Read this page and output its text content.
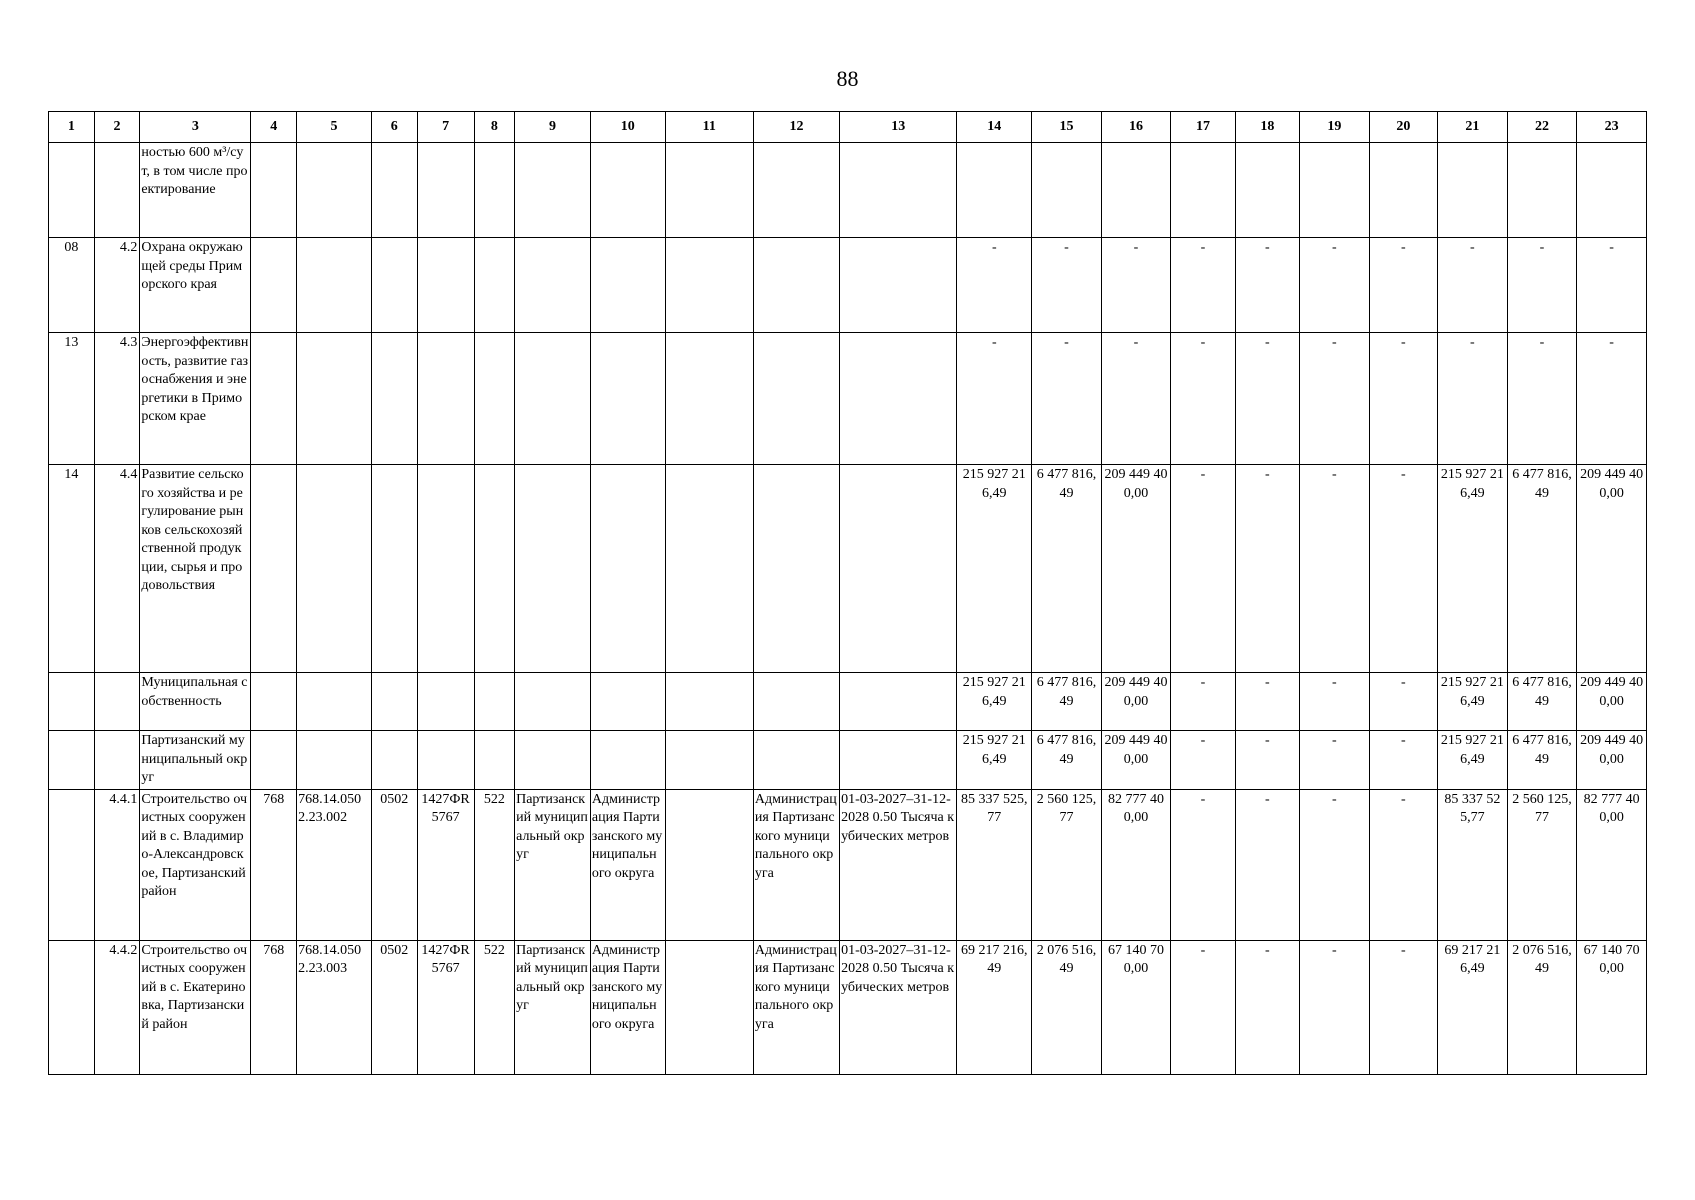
88
1	2	3	4	5	6	7	8	9	10	11	12	13	14	15	16	17	18	19	20	21	22	23
		ностью 600 м³/сут, в том числе проектирование																				
08	4.2	Охрана окружающей среды Приморского края											-	-	-	-	-	-	-	-	-	-
13	4.3	Энергоэффективность, развитие газоснабжения и энергетики в Приморском крае											-	-	-	-	-	-	-	-	-	-
14	4.4	Развитие сельского хозяйства и регулирование рынков сельскохозяйственной продукции, сырья и продовольствия											215 927 216,49	6 477 816,49	209 449 400,00	-	-	-	-	215 927 216,49	6 477 816,49	209 449 400,00
		Муниципальная собственность											215 927 216,49	6 477 816,49	209 449 400,00	-	-	-	-	215 927 216,49	6 477 816,49	209 449 400,00
		Партизанский муниципальный округ											215 927 216,49	6 477 816,49	209 449 400,00	-	-	-	-	215 927 216,49	6 477 816,49	209 449 400,00
	4.4.1	Строительство очистных сооружений в с. Владимиро-Александровское, Партизанский район	768	768.14.0502.23.002	0502	1427ФR5767	522	Партизанский муниципальный округ	Администрация Партизанского муниципального округа		Администрация Партизанского муниципального округа	01-03-2027–31-12-2028 0.50 Тысяча кубических метров	85 337 525,77	2 560 125,77	82 777 400,00	-	-	-	-	85 337 525,77	2 560 125,77	82 777 400,00
	4.4.2	Строительство очистных сооружений в с. Екатериновка, Партизанский район	768	768.14.0502.23.003	0502	1427ФR5767	522	Партизанский муниципальный округ	Администрация Партизанского муниципального округа		Администрация Партизанского муниципального округа	01-03-2027–31-12-2028 0.50 Тысяча кубических метров	69 217 216,49	2 076 516,49	67 140 700,00	-	-	-	-	69 217 216,49	2 076 516,49	67 140 700,00
